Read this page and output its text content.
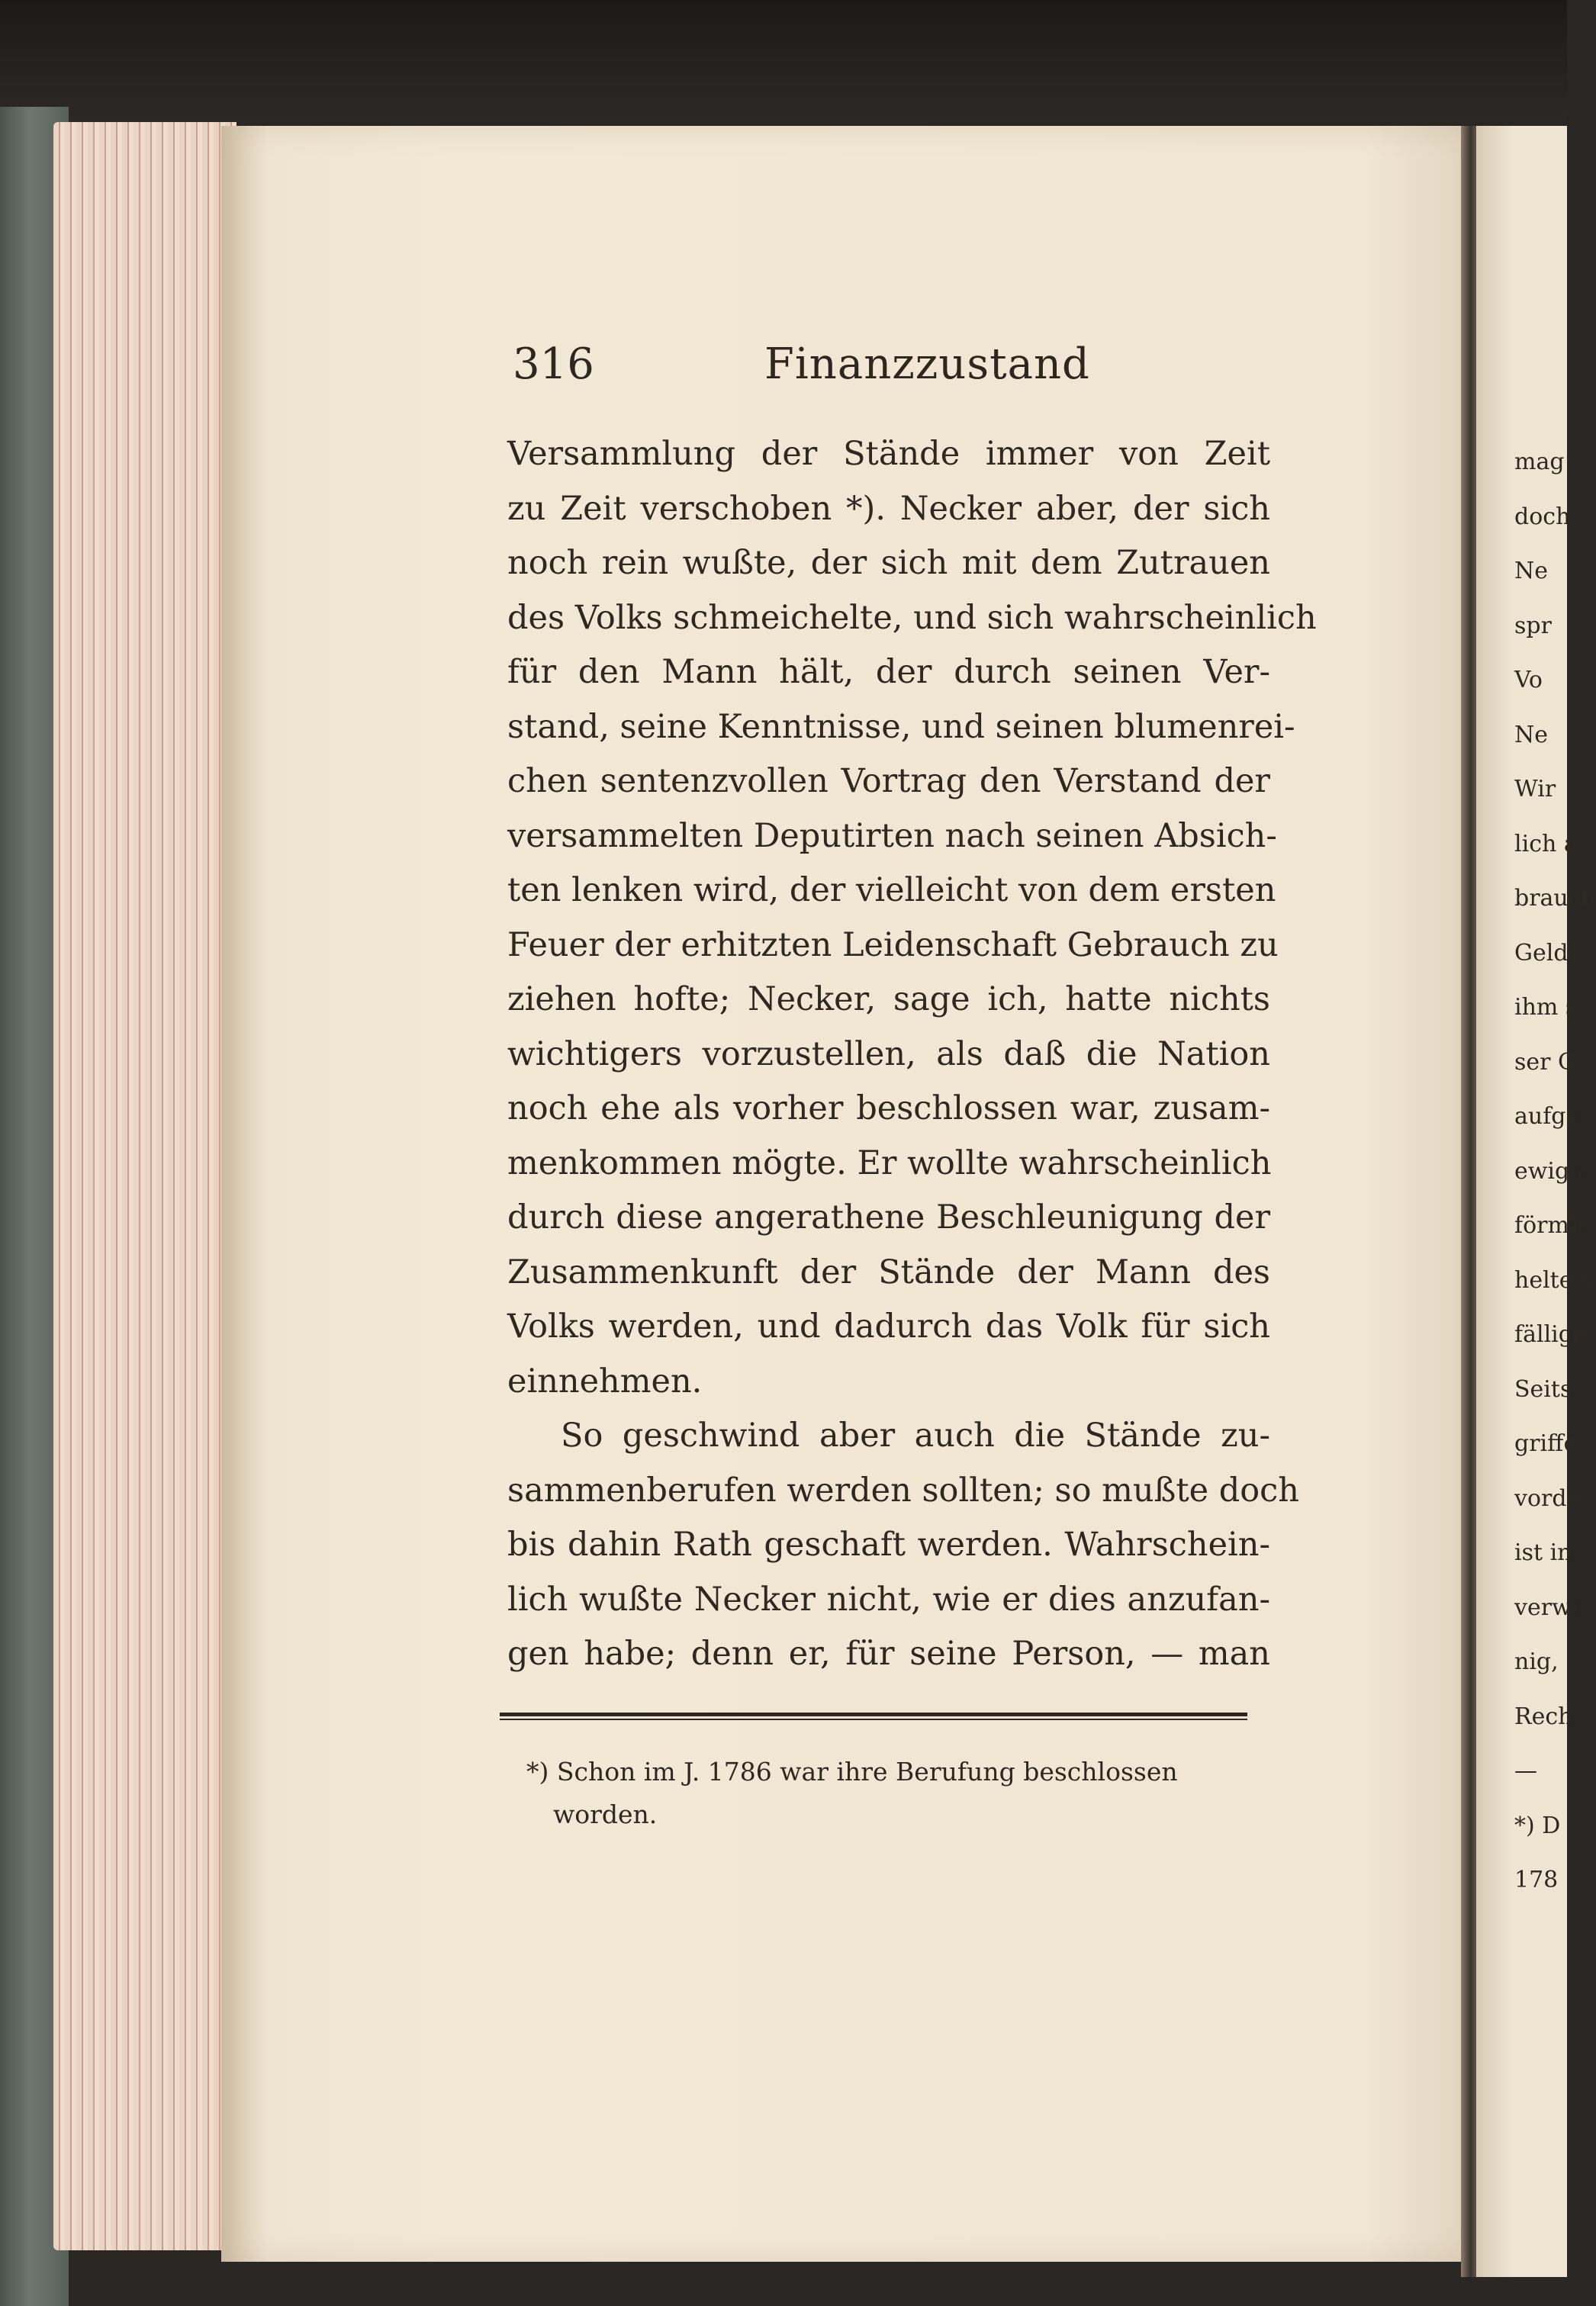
316	Finanzzustand
Versammlung der Stände immer von Zeit
zu Zeit verschoben *). Necker aber, der sich
noch rein wußte, der sich mit dem Zutrauen
des Volks schmeichelte, und sich wahrscheinlich
für den Mann hält, der durch seinen Ver-
stand, seine Kenntnisse, und seinen blumenrei-
chen sentenzvollen Vortrag den Verstand der
versammelten Deputirten nach seinen Absich-
ten lenken wird, der vielleicht von dem ersten
Feuer der erhitzten Leidenschaft Gebrauch zu
ziehen hofte; Necker, sage ich, hatte nichts
wichtigers vorzustellen, als daß die Nation
noch ehe als vorher beschlossen war, zusam-
menkommen mögte. Er wollte wahrscheinlich
durch diese angerathene Beschleunigung der
Zusammenkunft der Stände der Mann des
Volks werden, und dadurch das Volk für sich
einnehmen.
So geschwind aber auch die Stände zu-
sammenberufen werden sollten; so mußte doch
bis dahin Rath geschaft werden. Wahrschein-
lich wußte Necker nicht, wie er dies anzufan-
gen habe; denn er, für seine Person, — man
*) Schon im J. 1786 war ihre Berufung beschlossen
worden.
mag
doch
Ne
spr
Vo
Ne
Wir
lich a
brauch
Geld
ihm s
ser G
aufge
ewig r
förmli
helte s
fällige
Seits
griffe
vorde
ist in
verwi
nig,
Rech
—
*) D
178
